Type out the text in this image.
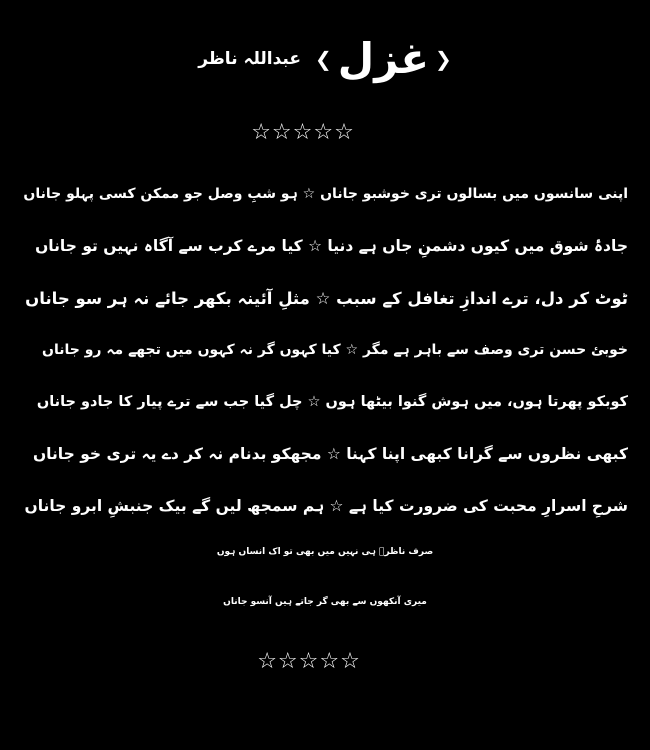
❮
غزل
❯
عبداللہ ناظر
☆☆☆☆☆
اپنی سانسوں میں بسالوں تری خوشبو جاناں ☆ ہو شبِ وصل جو ممکن کسی پہلو جاناں
جادۂ شوق میں کیوں دشمنِ جاں ہے دنیا ☆ کیا مرے کرب سے آگاہ نہیں تو جاناں
ٹوٹ کر دل، ترے اندازِ تغافل کے سبب ☆ مثلِ آئینہ بکھر جائے نہ ہر سو جاناں
خوبئ حسن تری وصف سے باہر ہے مگر ☆ کیا کہوں گر نہ کہوں میں تجھے مہ رو جاناں
کوبکو پھرتا ہوں، میں ہوش گنوا بیٹھا ہوں ☆ چل گیا جب سے ترے پیار کا جادو جاناں
کبھی نظروں سے گرانا کبھی اپنا کہنا ☆ مجھکو بدنام نہ کر دے یہ تری خو جاناں
شرحِ اسرارِ محبت کی ضرورت کیا ہے ☆ ہم سمجھ لیں گے بیک جنبشِ ابرو جاناں
صرف ناظرؔ ہی نہیں میں بھی تو اک انساں ہوں
میری آنکھوں سے بھی گر جاتے ہیں آنسو جاناں
☆☆☆☆☆
